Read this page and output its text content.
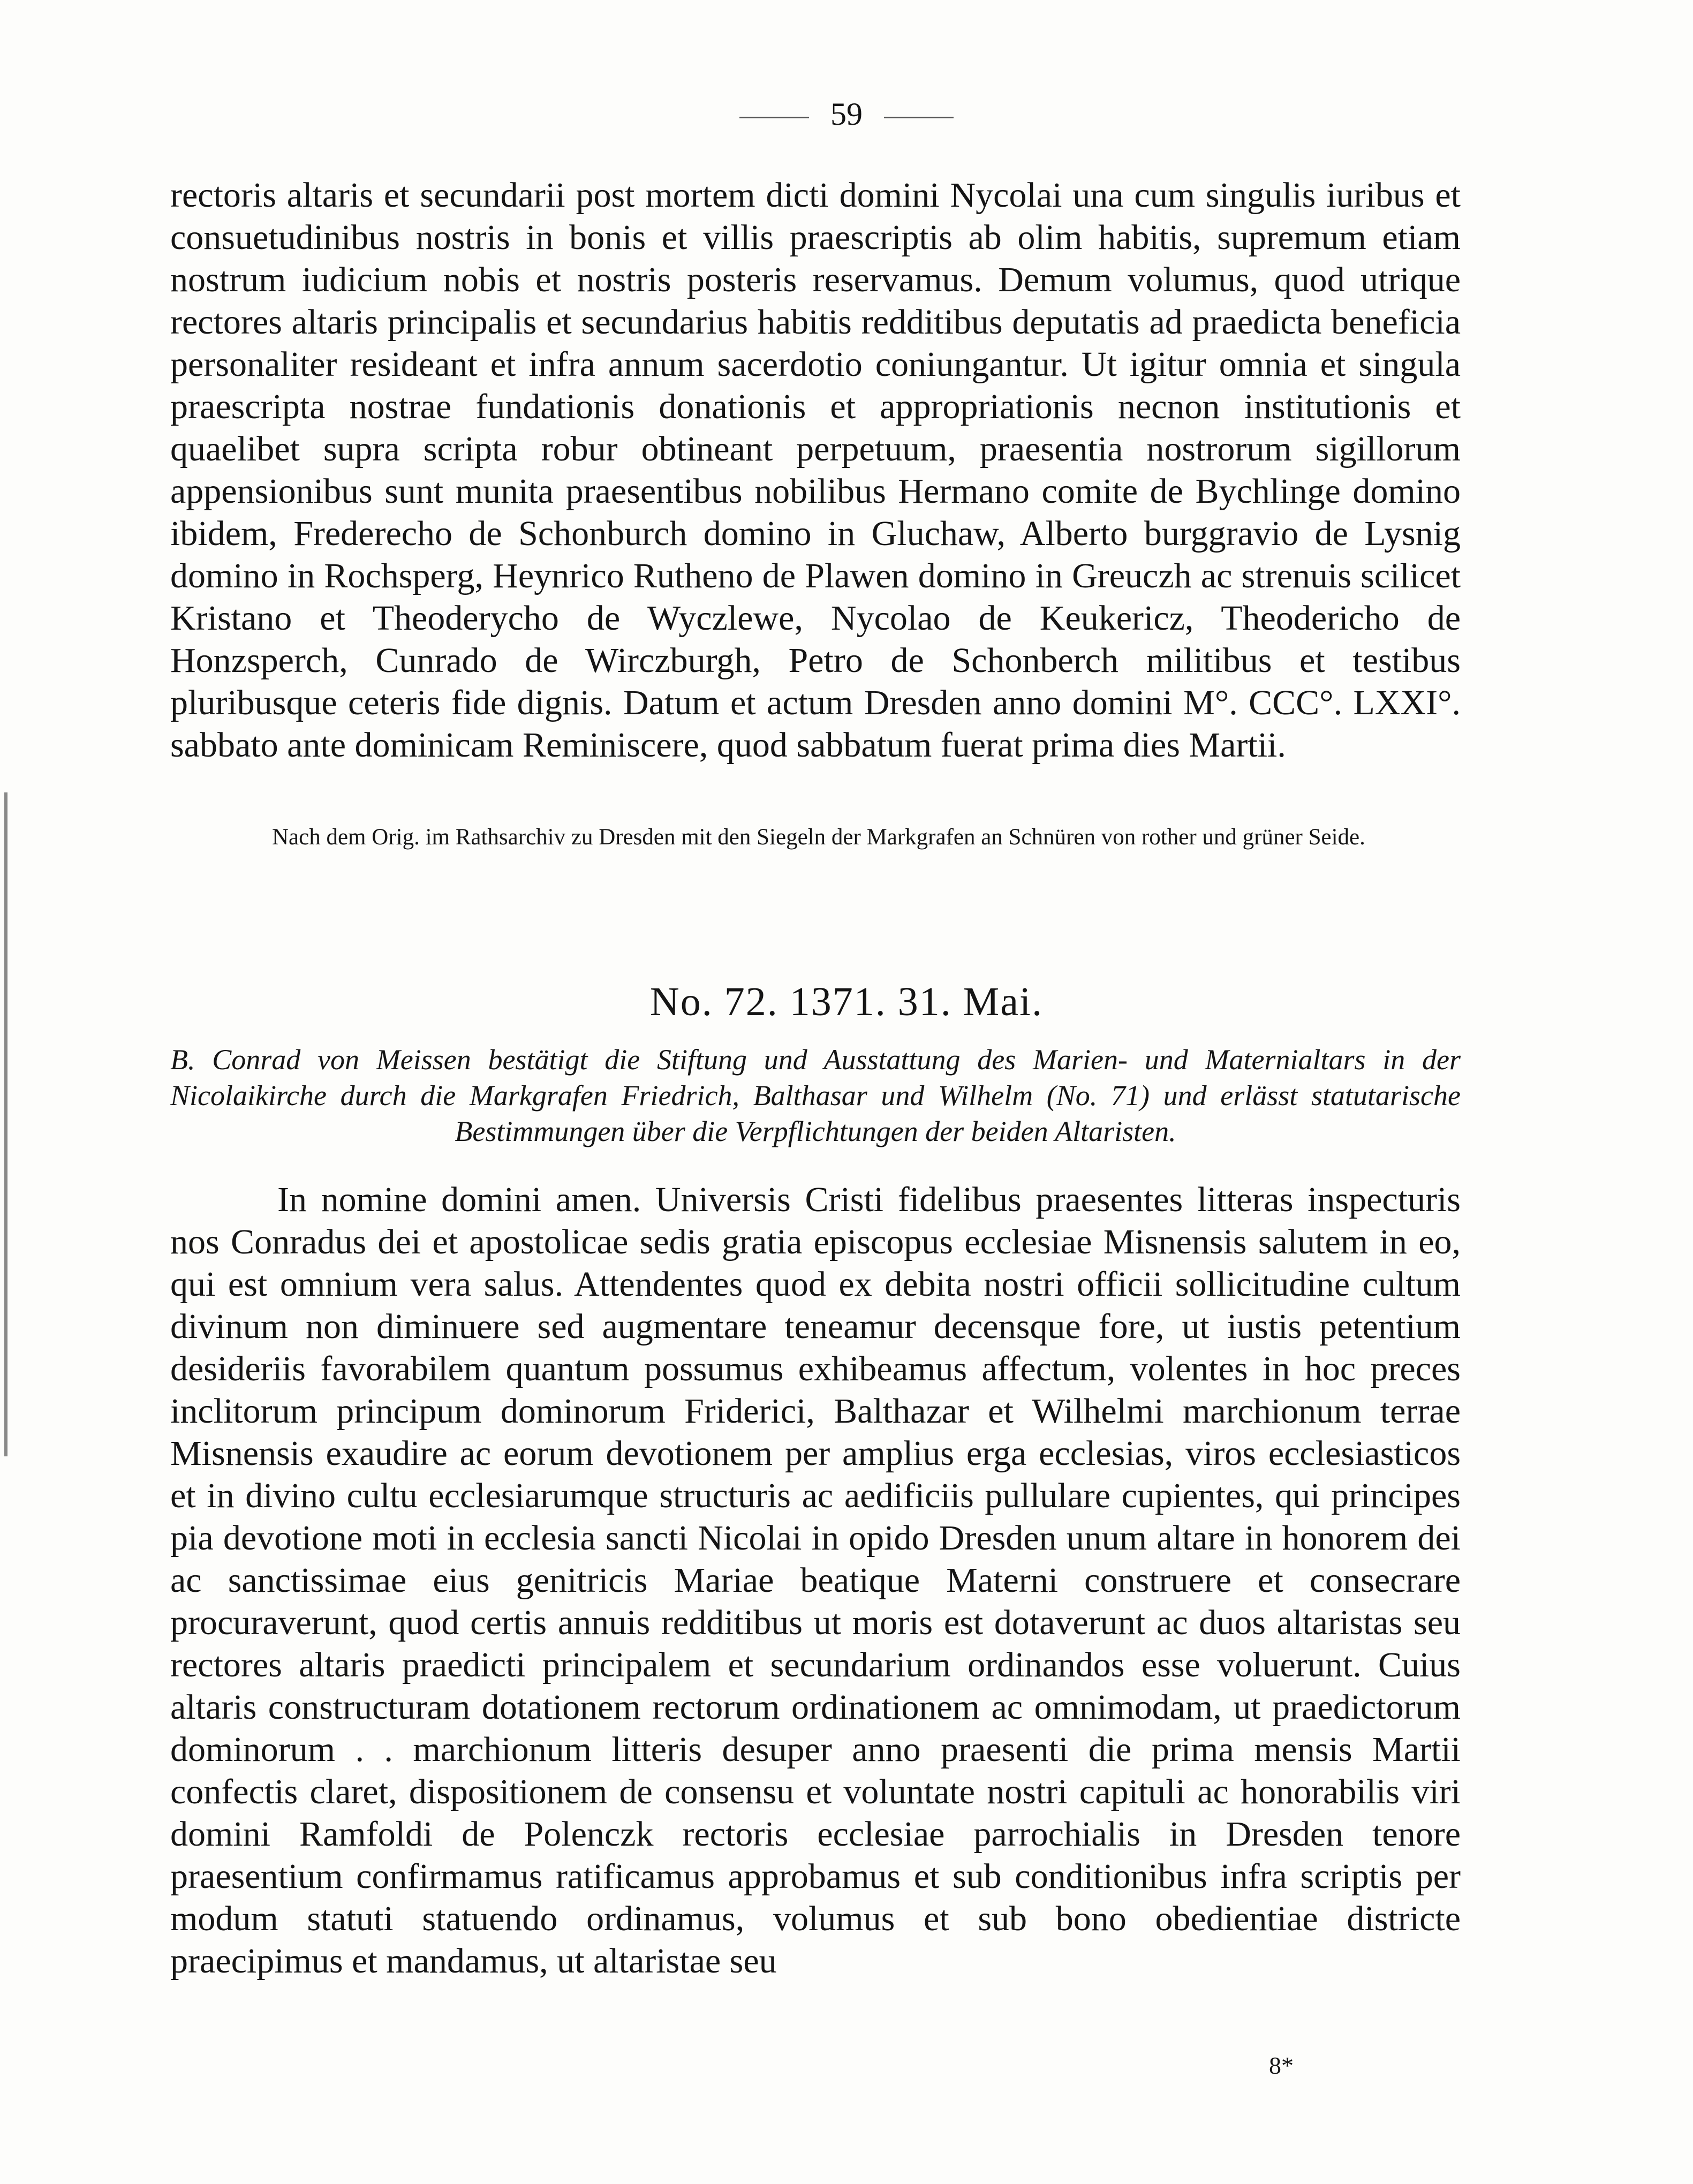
59

rectoris altaris et secundarii post mortem dicti domini Nycolai una cum singulis iuribus et consuetudinibus nostris in bonis et villis praescriptis ab olim habitis, supremum etiam nostrum iudicium nobis et nostris posteris reservamus. Demum volumus, quod utrique rectores altaris principalis et secundarius habitis redditibus deputatis ad praedicta beneficia personaliter resideant et infra annum sacerdotio coniungantur. Ut igitur omnia et singula praescripta nostrae fundationis donationis et appropriationis necnon institutionis et quaelibet supra scripta robur obtineant perpetuum, praesentia nostrorum sigillorum appensionibus sunt munita praesentibus nobilibus Hermano comite de Bychlinge domino ibidem, Frederecho de Schonburch domino in Gluchaw, Alberto burggravio de Lysnig domino in Rochsperg, Heynrico Rutheno de Plawen domino in Greuczh ac strenuis scilicet Kristano et Theoderycho de Wyczlewe, Nycolao de Keukericz, Theodericho de Honzsperch, Cunrado de Wirczburgh, Petro de Schonberch militibus et testibus pluribusque ceteris fide dignis. Datum et actum Dresden anno domini M°. CCC°. LXXI°. sabbato ante dominicam Reminiscere, quod sabbatum fuerat prima dies Martii.

Nach dem Orig. im Rathsarchiv zu Dresden mit den Siegeln der Markgrafen an Schnüren von rother und grüner Seide.

No. 72. 1371. 31. Mai.

B. Conrad von Meissen bestätigt die Stiftung und Ausstattung des Marien- und Maternialtars in der Nicolaikirche durch die Markgrafen Friedrich, Balthasar und Wilhelm (No. 71) und erlässt statutarische Bestimmungen über die Verpflichtungen der beiden Altaristen.

In nomine domini amen. Universis Cristi fidelibus praesentes litteras inspecturis nos Conradus dei et apostolicae sedis gratia episcopus ecclesiae Misnensis salutem in eo, qui est omnium vera salus. Attendentes quod ex debita nostri officii sollicitudine cultum divinum non diminuere sed augmentare teneamur decensque fore, ut iustis petentium desideriis favorabilem quantum possumus exhibeamus affectum, volentes in hoc preces inclitorum principum dominorum Friderici, Balthazar et Wilhelmi marchionum terrae Misnensis exaudire ac eorum devotionem per amplius erga ecclesias, viros ecclesiasticos et in divino cultu ecclesiarumque structuris ac aedificiis pullulare cupientes, qui principes pia devotione moti in ecclesia sancti Nicolai in opido Dresden unum altare in honorem dei ac sanctissimae eius genitricis Mariae beatique Materni construere et consecrare procuraverunt, quod certis annuis redditibus ut moris est dotaverunt ac duos altaristas seu rectores altaris praedicti principalem et secundarium ordinandos esse voluerunt. Cuius altaris constructuram dotationem rectorum ordinationem ac omnimodam, ut praedictorum dominorum . . marchionum litteris desuper anno praesenti die prima mensis Martii confectis claret, dispositionem de consensu et voluntate nostri capituli ac honorabilis viri domini Ramfoldi de Polenczk rectoris ecclesiae parrochialis in Dresden tenore praesentium confirmamus ratificamus approbamus et sub conditionibus infra scriptis per modum statuti statuendo ordinamus, volumus et sub bono obedientiae districte praecipimus et mandamus, ut altaristae seu

8*
